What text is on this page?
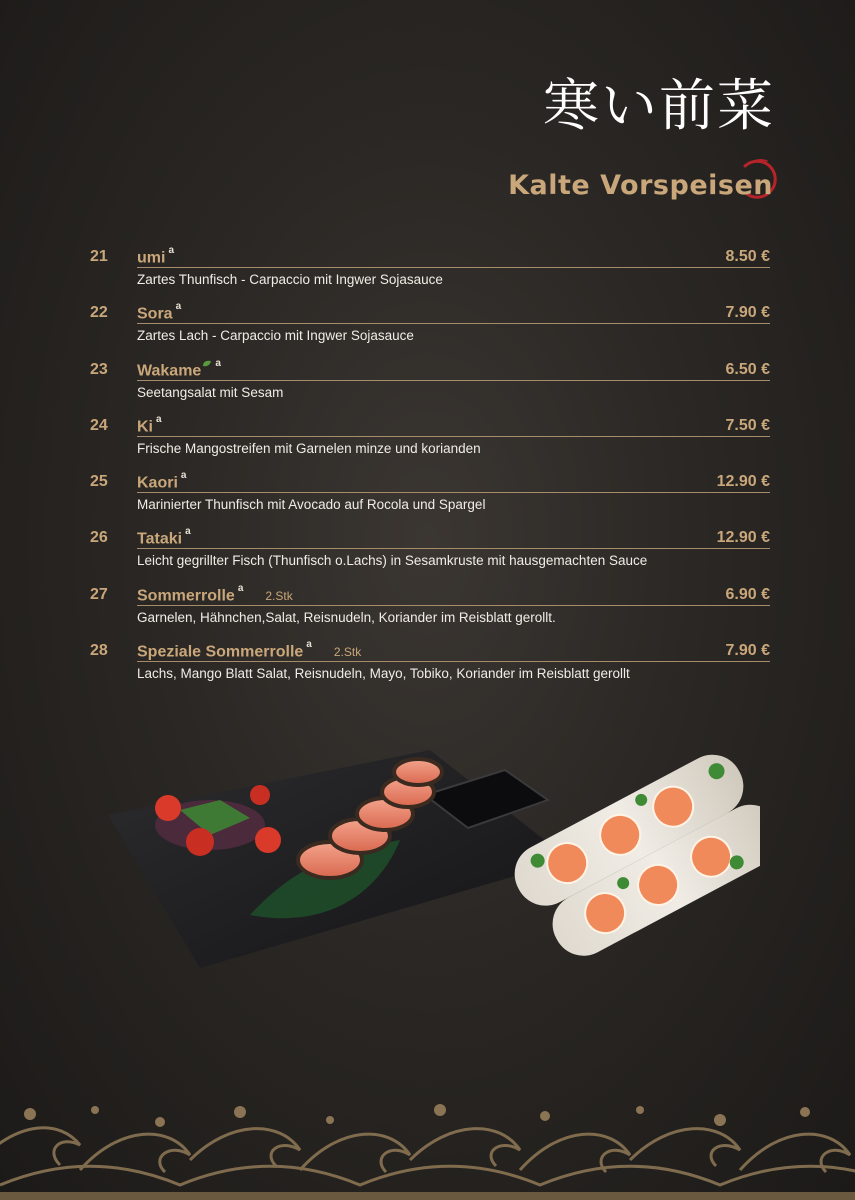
寒い前菜
Kalte Vorspeisen
21 umi $^a$	8.50 €
Zartes Thunfisch - Carpaccio mit Ingwer Sojasauce
22 Sora $^a$	7.90 €
Zartes Lach - Carpaccio mit Ingwer Sojasauce
23 Wakame $^a$	6.50 €
Seetangsalat mit Sesam
24 Ki $^a$	7.50 €
Frische Mangostreifen mit Garnelen minze und korianden
25 Kaori $^a$	12.90 €
Marinierter Thunfisch mit Avocado auf Rocola und Spargel
26 Tataki $^a$	12.90 €
Leicht gegrillter Fisch (Thunfisch o.Lachs) in Sesamkruste mit hausgemachten Sauce
27 Sommerrolle $^a$2.Stk	6.90 €
Garnelen, Hähnchen,Salat, Reisnudeln, Koriander im Reisblatt gerollt.
28 Speziale Sommerrolle $^a$2.Stk	7.90 €
Lachs, Mango Blatt Salat, Reisnudeln, Mayo, Tobiko, Koriander im Reisblatt gerollt
